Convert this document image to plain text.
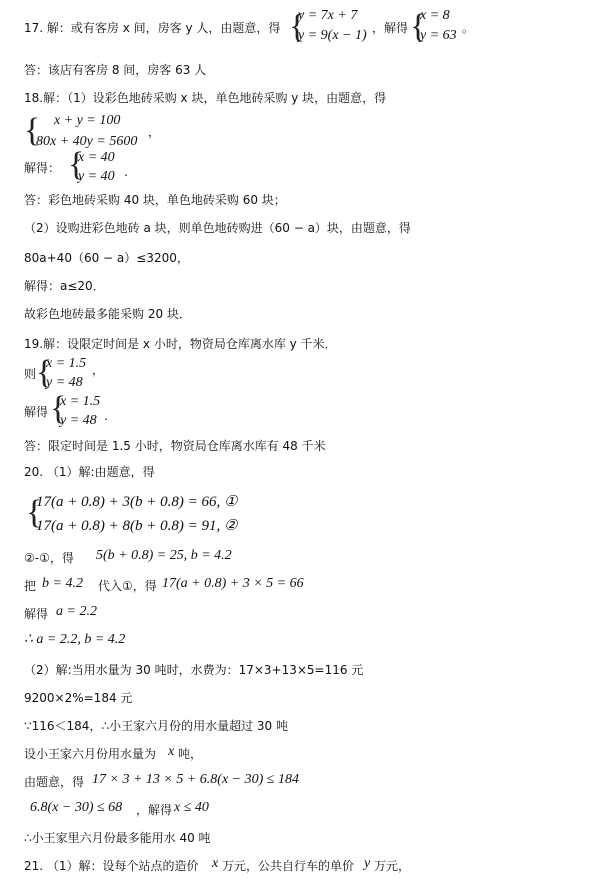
17. 解：或有客房 x 间，房客 y 人，由题意，得 {
y = 7x + 7
y = 9(x − 1) ，解得 {
x = 8
y = 63 。
答：该店有客房 8 间，房客 63 人
18.解：（1）设彩色地砖采购 x 块，单色地砖采购 y 块，由题意，得
{ x + y = 100
80x + 40y = 5600
，
解得： {
x = 40
y = 40 .
答：彩色地砖采购 40 块，单色地砖采购 60 块；
（2）设购进彩色地砖 a 块，则单色地砖购进（60 − a）块，由题意，得
80a+40（60 − a）≤3200，
解得：a≤20．
故彩色地砖最多能采购 20 块．
19.解：设限定时间是 x 小时，物资局仓库离水库 y 千米．
则 {
x = 1.5
y = 48
，
解得 {
x = 1.5
y = 48 .
答：限定时间是 1.5 小时，物资局仓库离水库有 48 千米
20. （1）解:由题意，得
{
17(a + 0.8) + 3(b + 0.8) = 66, ①
17(a + 0.8) + 8(b + 0.8) = 91, ②
②-①，得 5(b + 0.8) = 25, b = 4.2
把 b = 4.2 代入①，得 17(a + 0.8) + 3 × 5 = 66
解得 a = 2.2
∴ a = 2.2, b = 4.2
（2）解:当用水量为 30 吨时，水费为：17×3+13×5=116 元
9200×2%=184 元
∵116＜184，∴小王家六月份的用水量超过 30 吨
设小王家六月份用水量为 x 吨，
由题意，得 17 × 3 + 13 × 5 + 6.8(x − 30) ≤ 184
6.8(x − 30) ≤ 68 ，解得 x ≤ 40
∴小王家里六月份最多能用水 40 吨
21. （1）解：设每个站点的造价 x 万元，公共自行车的单价 y 万元，
